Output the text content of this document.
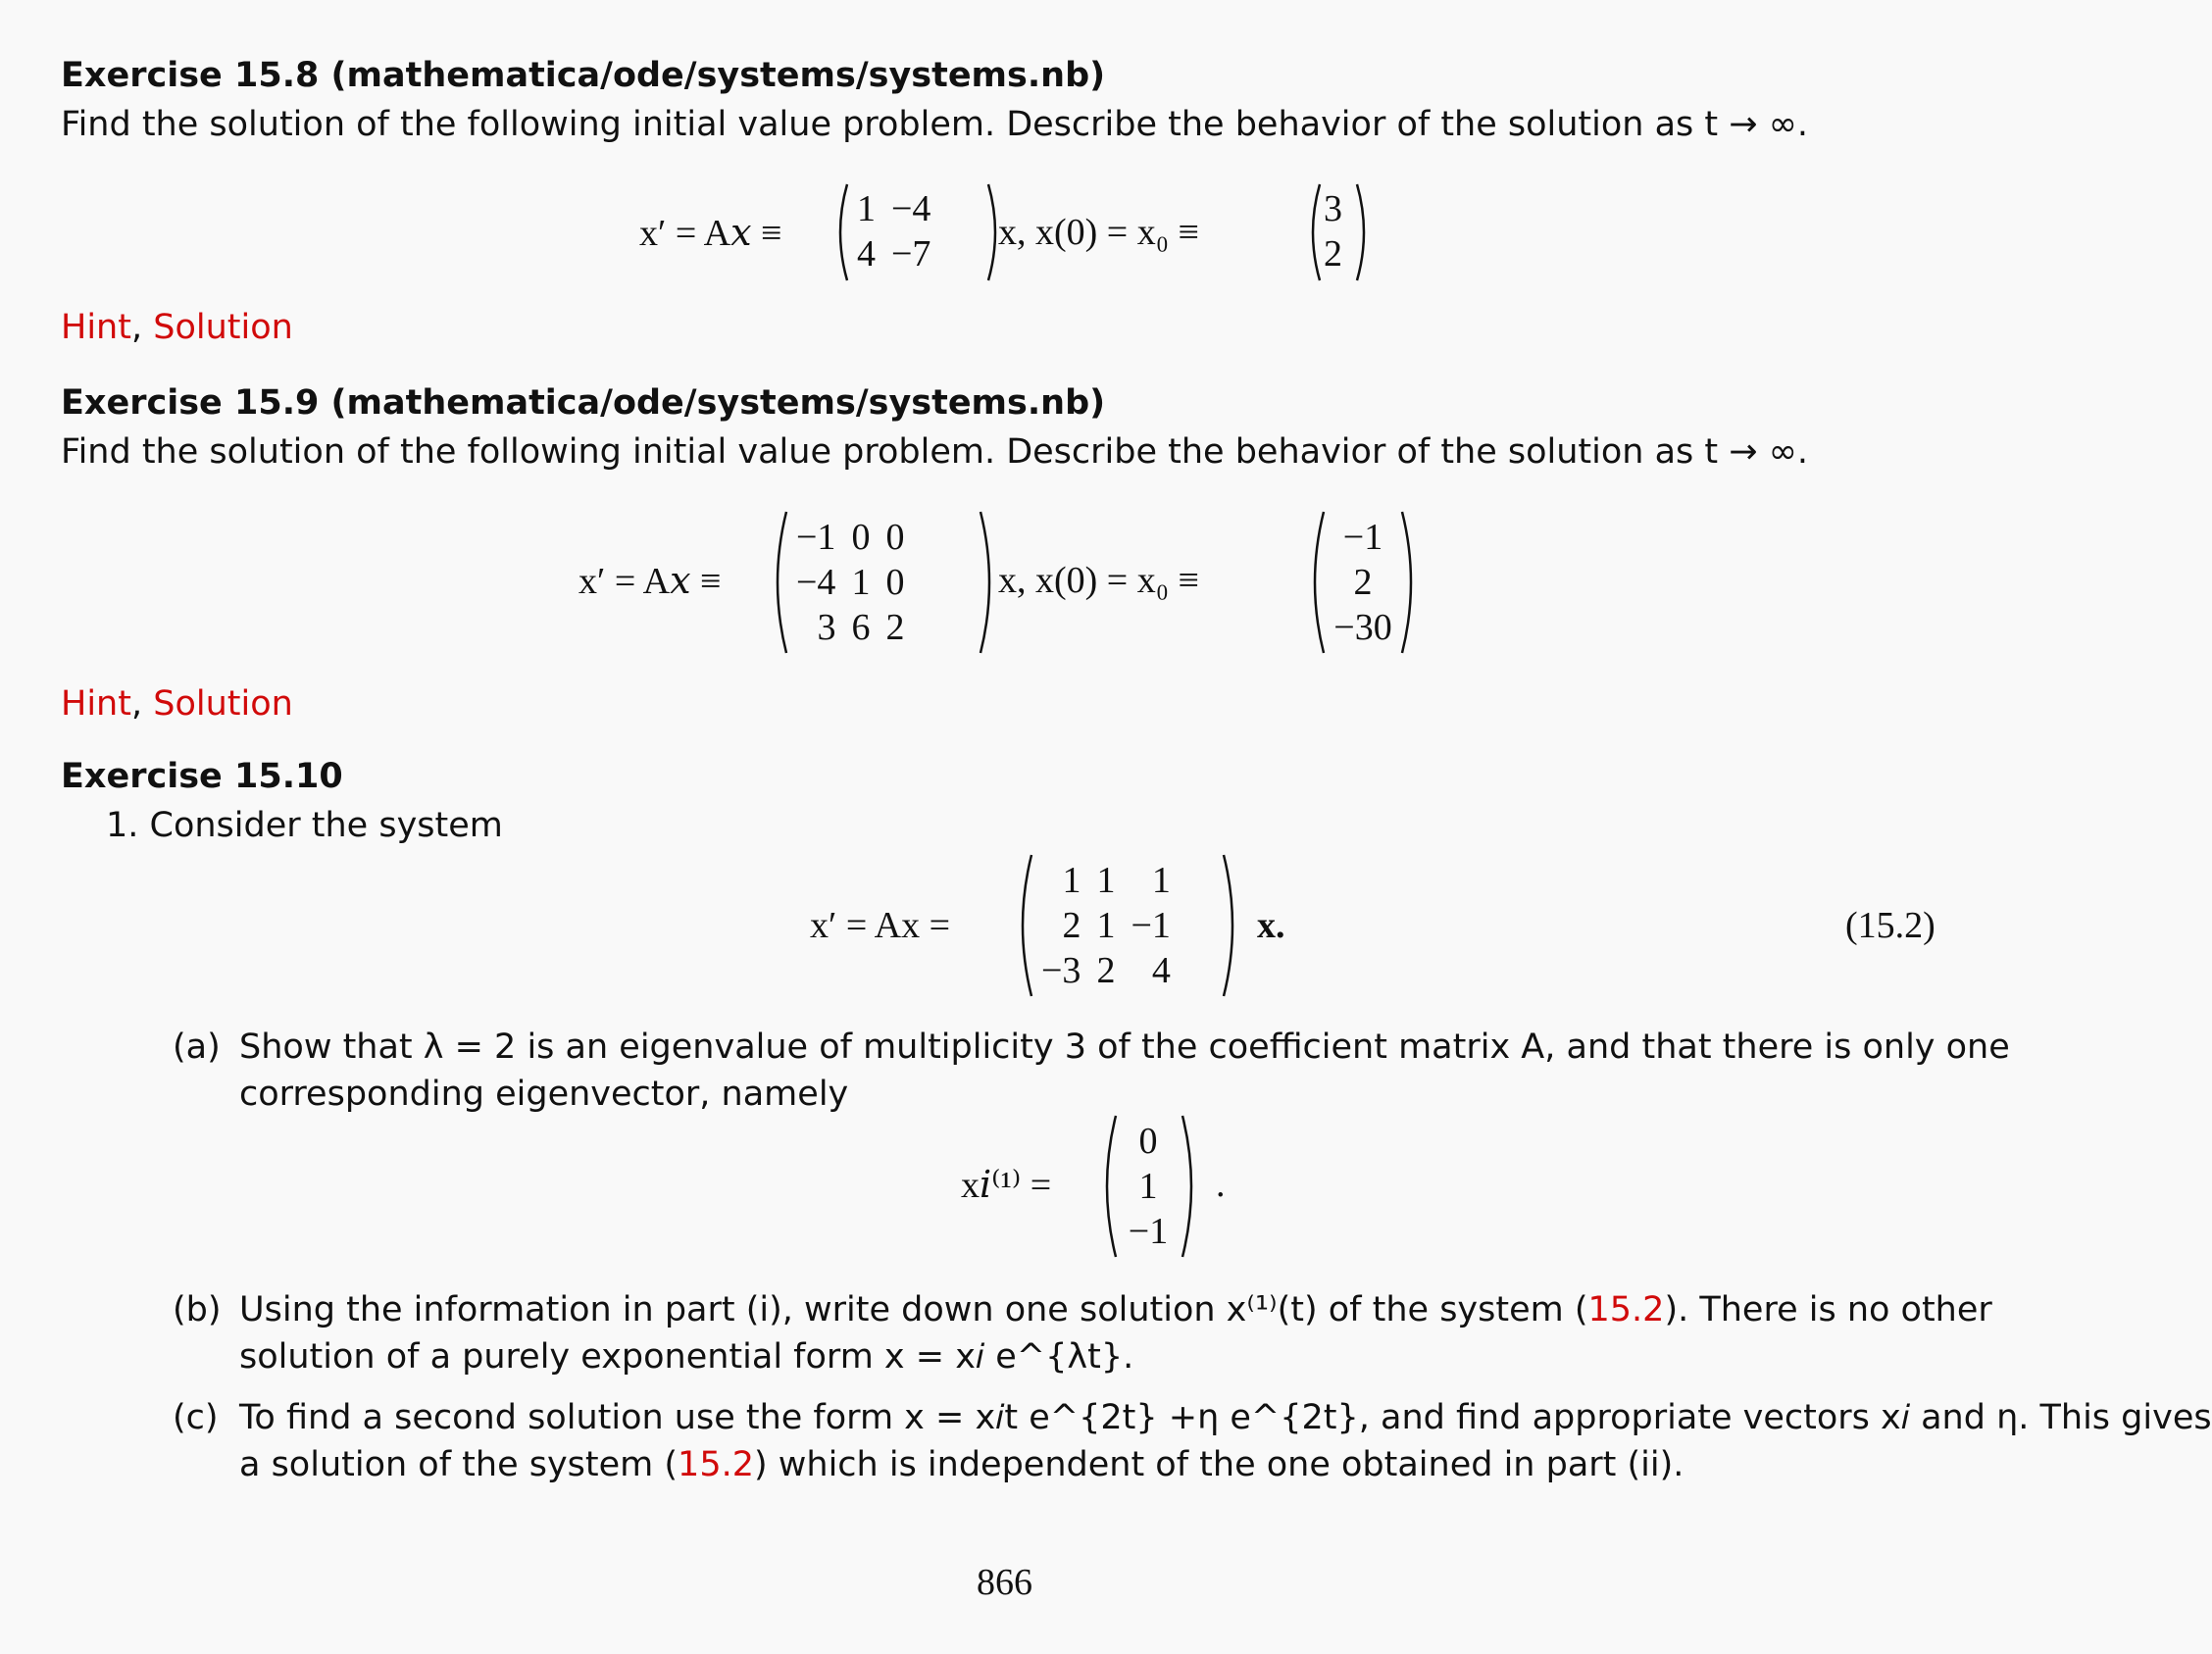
Exercise 15.8 (mathematica/ode/systems/systems.nb)
Find the solution of the following initial value problem. Describe the behavior of the solution as t → ∞.
x′ = A𝑥 ≡
1	−4
4	−7
x, x(0) = x₀ ≡
3
2
Hint, Solution
Exercise 15.9 (mathematica/ode/systems/systems.nb)
Find the solution of the following initial value problem. Describe the behavior of the solution as t → ∞.
x′ = A𝑥 ≡
−1	0	0
−4	1	0
3	6	2
x, x(0) = x₀ ≡
−1
2
−30
Hint, Solution
Exercise 15.10
1. Consider the system
x′ = Ax =
1	1	1
2	1	−1
−3	2	4
x.	(15.2)
(a) Show that λ = 2 is an eigenvalue of multiplicity 3 of the coefficient matrix A, and that there is only one
corresponding eigenvector, namely
x𝑖⁽¹⁾ =
0
1
−1
.
(b) Using the information in part (i), write down one solution x⁽¹⁾(t) of the system (15.2). There is no other
solution of a purely exponential form x = x𝑖 e^{λt}.
(c) To find a second solution use the form x = x𝑖t e^{2t} +η e^{2t}, and find appropriate vectors x𝑖 and η. This gives
a solution of the system (15.2) which is independent of the one obtained in part (ii).
866
